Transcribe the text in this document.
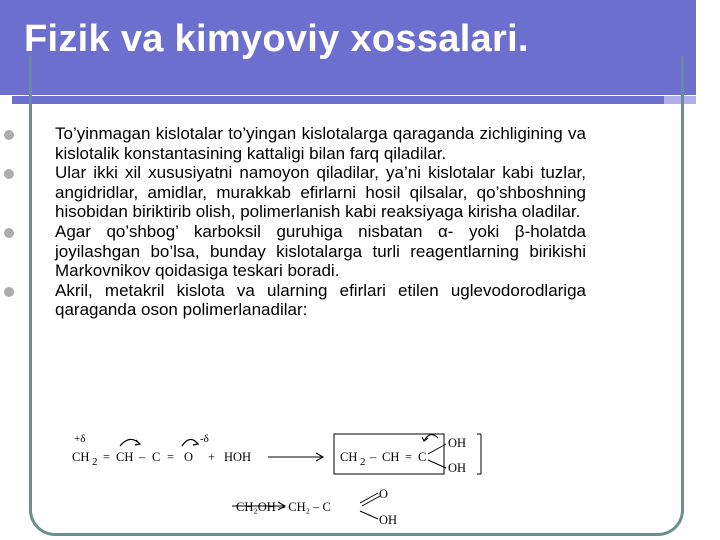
Fizik va kimyoviy xossalari.
To’yinmagan kislotalar to’yingan kislotalarga qaraganda zichligining va kislotalik konstantasining kattaligi bilan farq qiladilar.
Ular ikki xil xususiyatni namoyon qiladilar, ya’ni kislotalar kabi tuzlar, angidridlar, amidlar, murakkab efirlarni hosil qilsalar, qo’shboshning hisobidan biriktirib olish, polimerlanish kabi reaksiyaga kirisha oladilar.
Agar qo’shbog’ karboksil guruhiga nisbatan α- yoki β-holatda joyilashgan bo’lsa, bunday kislotalarga turli reagentlarning birikishi Markovnikov qoidasiga teskari boradi.
Akril, metakril kislota va ularning efirlari etilen uglevodorodlariga qaraganda oson polimerlanadilar:
+δ	-δ
CH 2 = CH – C = O + HOH	CH 2 – CH = C
OH
OH
CH₂OH – CH₂ – C
O
OH
